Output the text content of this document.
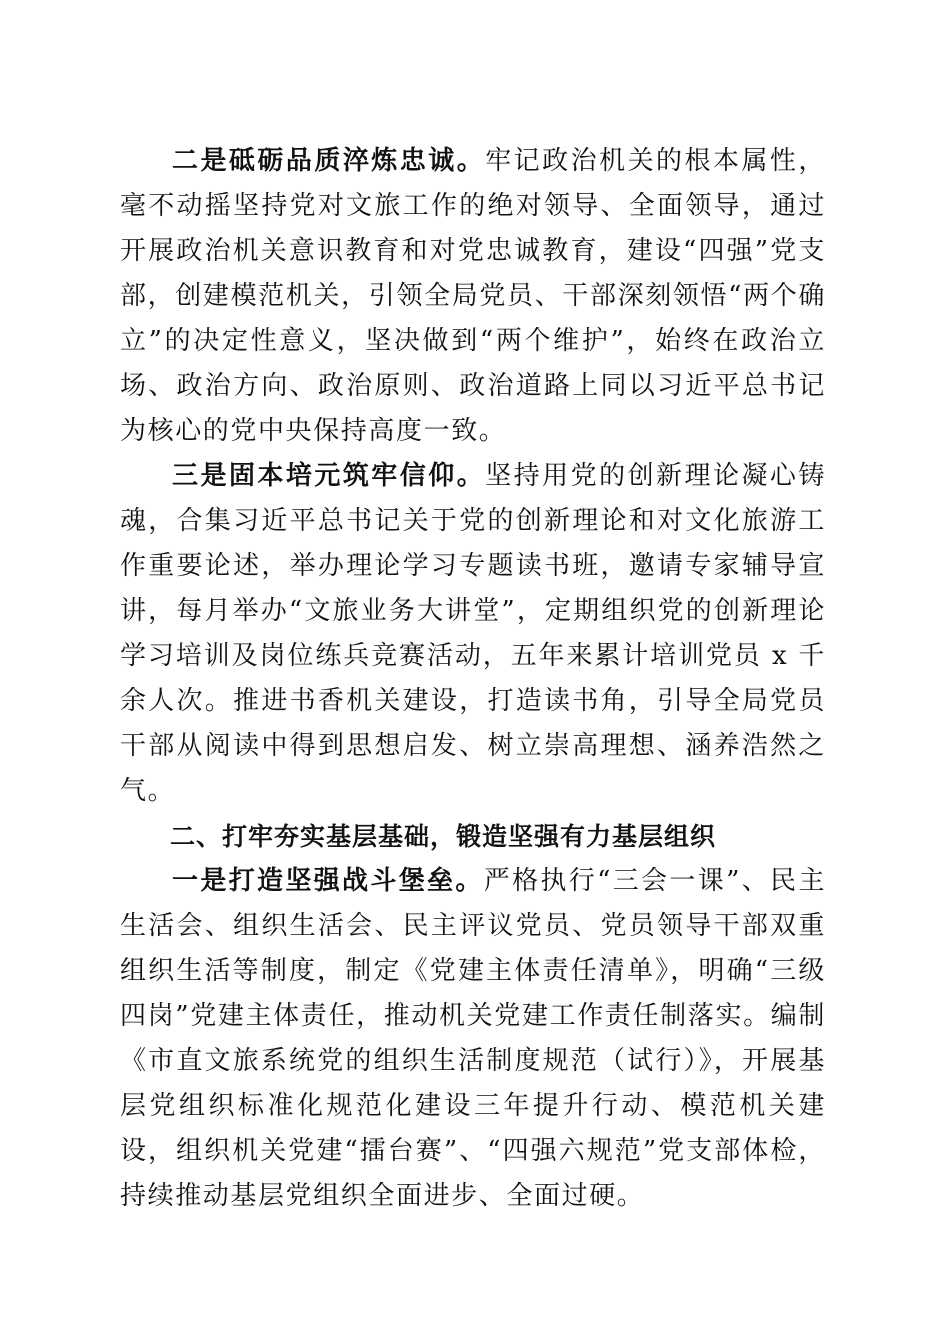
二是砥砺品质淬炼忠诚。牢记政治机关的根本属性，毫不动摇坚持党对文旅工作的绝对领导、全面领导，通过开展政治机关意识教育和对党忠诚教育，建设“四强”党支部，创建模范机关，引领全局党员、干部深刻领悟“两个确立”的决定性意义，坚决做到“两个维护”，始终在政治立场、政治方向、政治原则、政治道路上同以习近平总书记为核心的党中央保持高度一致。

三是固本培元筑牢信仰。坚持用党的创新理论凝心铸魂，合集习近平总书记关于党的创新理论和对文化旅游工作重要论述，举办理论学习专题读书班，邀请专家辅导宣讲，每月举办“文旅业务大讲堂”，定期组织党的创新理论学习培训及岗位练兵竞赛活动，五年来累计培训党员 x 千余人次。推进书香机关建设，打造读书角，引导全局党员干部从阅读中得到思想启发、树立崇高理想、涵养浩然之气。

二、打牢夯实基层基础，锻造坚强有力基层组织

一是打造坚强战斗堡垒。严格执行“三会一课”、民主生活会、组织生活会、民主评议党员、党员领导干部双重组织生活等制度，制定《党建主体责任清单》，明确“三级四岗”党建主体责任，推动机关党建工作责任制落实。编制《市直文旅系统党的组织生活制度规范（试行）》，开展基层党组织标准化规范化建设三年提升行动、模范机关建设，组织机关党建“擂台赛”、“四强六规范”党支部体检，持续推动基层党组织全面进步、全面过硬。
